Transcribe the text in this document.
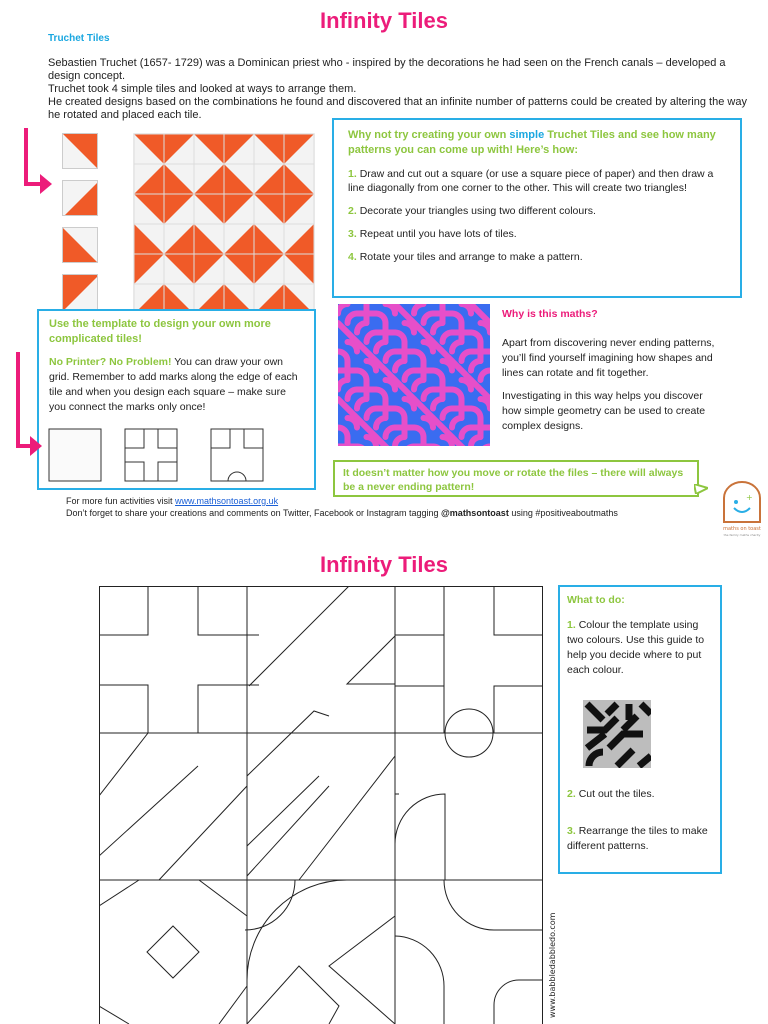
Infinity Tiles
Truchet Tiles

Sebastien Truchet (1657- 1729) was a Dominican priest who - inspired by the decorations he had seen on the French canals – developed a design concept.

Truchet took 4 simple tiles and looked at ways to arrange them.

He created designs based on the combinations he found and discovered that an infinite number of patterns could be created by altering the way he rotated and placed each tile.

Why not try creating your own simple Truchet Tiles and see how many patterns you can come up with! Here’s how:
1. Draw and cut out a square (or use a square piece of paper) and then draw a line diagonally from one corner to the other. This will create two triangles!
2. Decorate your triangles using two different colours.
3. Repeat until you have lots of tiles.
4. Rotate your tiles and arrange to make a pattern.
Use the template to design your own more complicated tiles!
No Printer? No Problem! You can draw your own grid. Remember to add marks along the edge of each tile and when you design each square – make sure you connect the marks only once!
Why is this maths?

Apart from discovering never ending patterns, you’ll find yourself imagining how shapes and lines can rotate and fit together.

Investigating in this way helps you discover how simple geometry can be used to create complex designs.

It doesn’t matter how you move or rotate the files – there will always be a never ending pattern!
For more fun activities visit www.mathsontoast.org.uk
Don’t forget to share your creations and comments on Twitter, Facebook or Instagram tagging @mathsontoast using #positiveaboutmaths
+
maths on toast
the family maths charity
Infinity Tiles
www.babbledabbledo.com
What to do:
1. Colour the template using two colours. Use this guide to help you decide where to put each colour.
2. Cut out the tiles.
3. Rearrange the tiles to make different patterns.
